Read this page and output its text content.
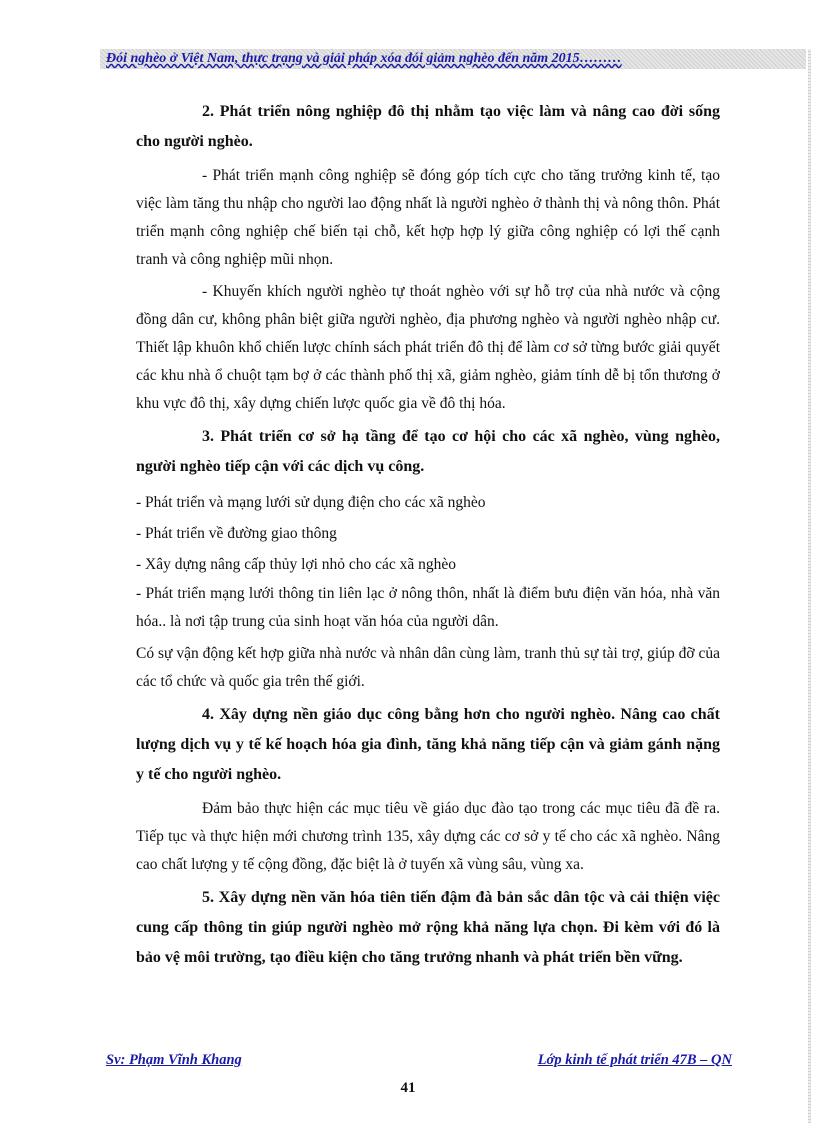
Đói nghèo ở Việt Nam, thực trạng và giải pháp xóa đói giảm nghèo đến năm 2015………

2. Phát triển nông nghiệp đô thị nhằm tạo việc làm và nâng cao đời sống cho người nghèo.

- Phát triển mạnh công nghiệp sẽ đóng góp tích cực cho tăng trưởng kinh tế, tạo việc làm tăng thu nhập cho người lao động nhất là người nghèo ở thành thị và nông thôn. Phát triển mạnh công nghiệp chế biến tại chỗ, kết hợp hợp lý giữa công nghiệp có lợi thế cạnh tranh và công nghiệp mũi nhọn.

- Khuyến khích người nghèo tự thoát nghèo với sự hỗ trợ của nhà nước và cộng đồng dân cư, không phân biệt giữa người nghèo, địa phương nghèo và người nghèo nhập cư. Thiết lập khuôn khổ chiến lược chính sách phát triển đô thị để làm cơ sở từng bước giải quyết các khu nhà ổ chuột tạm bợ ở các thành phố thị xã, giảm nghèo, giảm tính dễ bị tổn thương ở khu vực đô thị, xây dựng chiến lược quốc gia về đô thị hóa.

3. Phát triển cơ sở hạ tầng để tạo cơ hội cho các xã nghèo, vùng nghèo, người nghèo tiếp cận với các dịch vụ công.

- Phát triển và mạng lưới sử dụng điện cho các xã nghèo

- Phát triển về đường giao thông

- Xây dựng nâng cấp thủy lợi nhỏ cho các xã nghèo

- Phát triển mạng lưới thông tin liên lạc ở nông thôn, nhất là điểm bưu điện văn hóa, nhà văn hóa.. là nơi tập trung của sinh hoạt văn hóa của người dân.

Có sự vận động kết hợp giữa nhà nước và nhân dân cùng làm, tranh thủ sự tài trợ, giúp đỡ của các tổ chức và quốc gia trên thế giới.

4. Xây dựng nền giáo dục công bằng hơn cho người nghèo. Nâng cao chất lượng dịch vụ y tế kế hoạch hóa gia đình, tăng khả năng tiếp cận và giảm gánh nặng y tế cho người nghèo.

Đảm bảo thực hiện các mục tiêu về giáo dục đào tạo trong các mục tiêu đã đề ra. Tiếp tục và thực hiện mới chương trình 135, xây dựng các cơ sở y tế cho các xã nghèo. Nâng cao chất lượng y tế cộng đồng, đặc biệt là ở tuyến xã vùng sâu, vùng xa.

5. Xây dựng nền văn hóa tiên tiến đậm đà bản sắc dân tộc và cải thiện việc cung cấp thông tin giúp người nghèo mở rộng khả năng lựa chọn. Đi kèm với đó là bảo vệ môi trường, tạo điều kiện cho tăng trưởng nhanh và phát triển bền vững.

Sv: Phạm Vĩnh Khang	Lớp kinh tế phát triển 47B – QN
41
